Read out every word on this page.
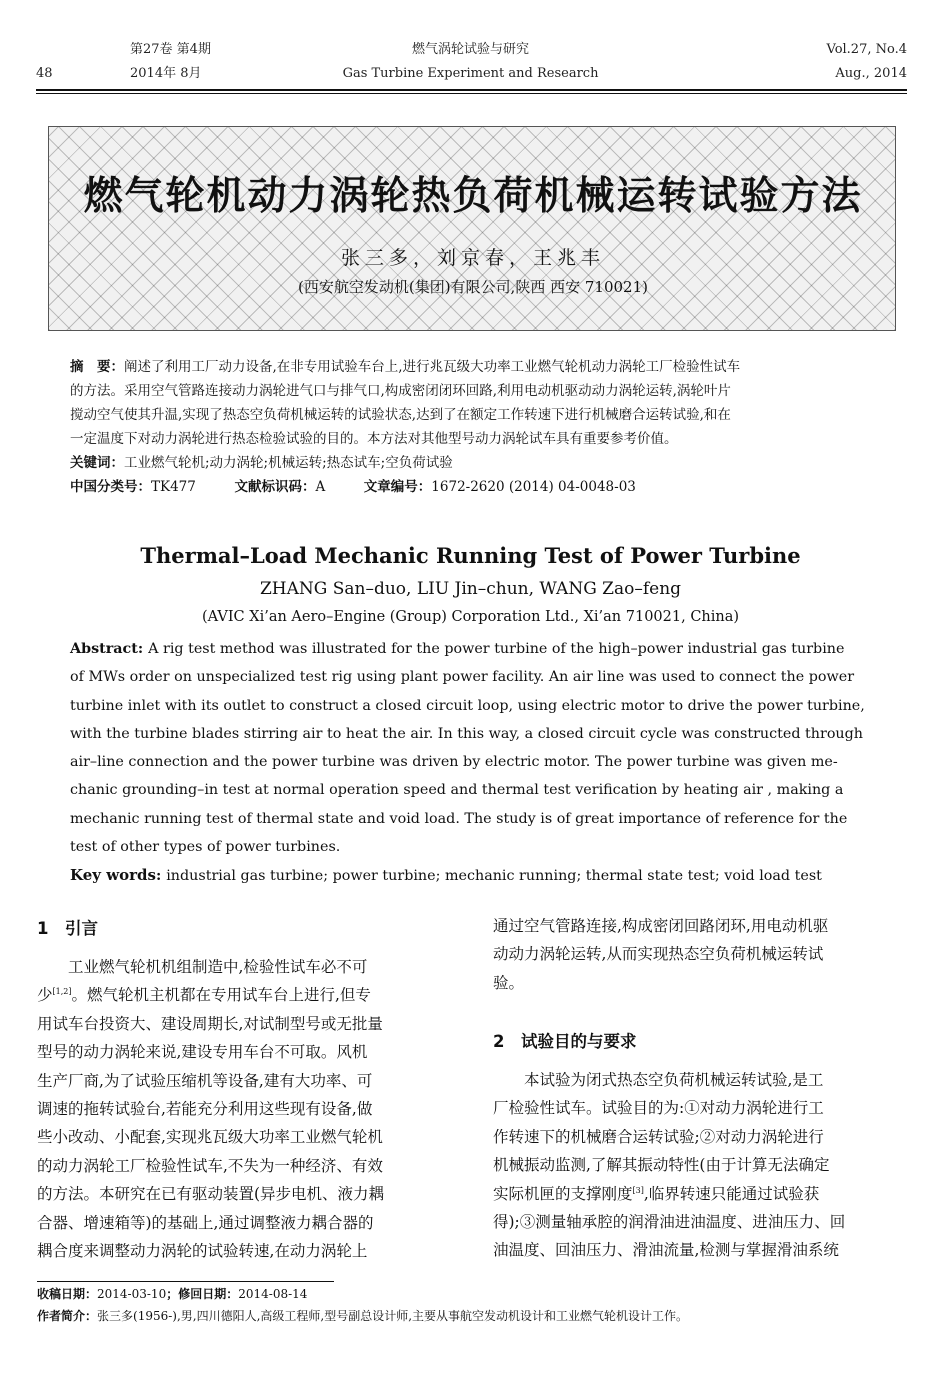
第27卷 第4期	燃气涡轮试验与研究	Vol.27, No.4
48	2014年 8月	Gas Turbine Experiment and Research	Aug., 2014
燃气轮机动力涡轮热负荷机械运转试验方法
张三多，刘京春，王兆丰
(西安航空发动机(集团)有限公司,陕西 西安 710021)
摘　要：阐述了利用工厂动力设备,在非专用试验车台上,进行兆瓦级大功率工业燃气轮机动力涡轮工厂检验性试车
的方法。采用空气管路连接动力涡轮进气口与排气口,构成密闭闭环回路,利用电动机驱动动力涡轮运转,涡轮叶片
搅动空气使其升温,实现了热态空负荷机械运转的试验状态,达到了在额定工作转速下进行机械磨合运转试验,和在
一定温度下对动力涡轮进行热态检验试验的目的。本方法对其他型号动力涡轮试车具有重要参考价值。
关键词：工业燃气轮机;动力涡轮;机械运转;热态试车;空负荷试验
中国分类号：TK477	文献标识码：A	文章编号：1672-2620 (2014) 04-0048-03
Thermal–Load Mechanic Running Test of Power Turbine
ZHANG San–duo, LIU Jin–chun, WANG Zao–feng
(AVIC Xi’an Aero–Engine (Group) Corporation Ltd., Xi’an 710021, China)
Abstract: A rig test method was illustrated for the power turbine of the high–power industrial gas turbine
of MWs order on unspecialized test rig using plant power facility. An air line was used to connect the power
turbine inlet with its outlet to construct a closed circuit loop, using electric motor to drive the power turbine,
with the turbine blades stirring air to heat the air. In this way, a closed circuit cycle was constructed through
air–line connection and the power turbine was driven by electric motor. The power turbine was given me-
chanic grounding–in test at normal operation speed and thermal test verification by heating air , making a
mechanic running test of thermal state and void load. The study is of great importance of reference for the
test of other types of power turbines.
Key words: industrial gas turbine; power turbine; mechanic running; thermal state test; void load test
1　引言
工业燃气轮机机组制造中,检验性试车必不可
少[1,2]。燃气轮机主机都在专用试车台上进行,但专
用试车台投资大、建设周期长,对试制型号或无批量
型号的动力涡轮来说,建设专用车台不可取。风机
生产厂商,为了试验压缩机等设备,建有大功率、可
调速的拖转试验台,若能充分利用这些现有设备,做
些小改动、小配套,实现兆瓦级大功率工业燃气轮机
的动力涡轮工厂检验性试车,不失为一种经济、有效
的方法。本研究在已有驱动装置(异步电机、液力耦
合器、增速箱等)的基础上,通过调整液力耦合器的
耦合度来调整动力涡轮的试验转速,在动力涡轮上
通过空气管路连接,构成密闭回路闭环,用电动机驱
动动力涡轮运转,从而实现热态空负荷机械运转试
验。
2　试验目的与要求
本试验为闭式热态空负荷机械运转试验,是工
厂检验性试车。试验目的为:①对动力涡轮进行工
作转速下的机械磨合运转试验;②对动力涡轮进行
机械振动监测,了解其振动特性(由于计算无法确定
实际机匣的支撑刚度[3],临界转速只能通过试验获
得);③测量轴承腔的润滑油进油温度、进油压力、回
油温度、回油压力、滑油流量,检测与掌握滑油系统
收稿日期：2014-03-10；修回日期：2014-08-14
作者简介：张三多(1956-),男,四川德阳人,高级工程师,型号副总设计师,主要从事航空发动机设计和工业燃气轮机设计工作。
